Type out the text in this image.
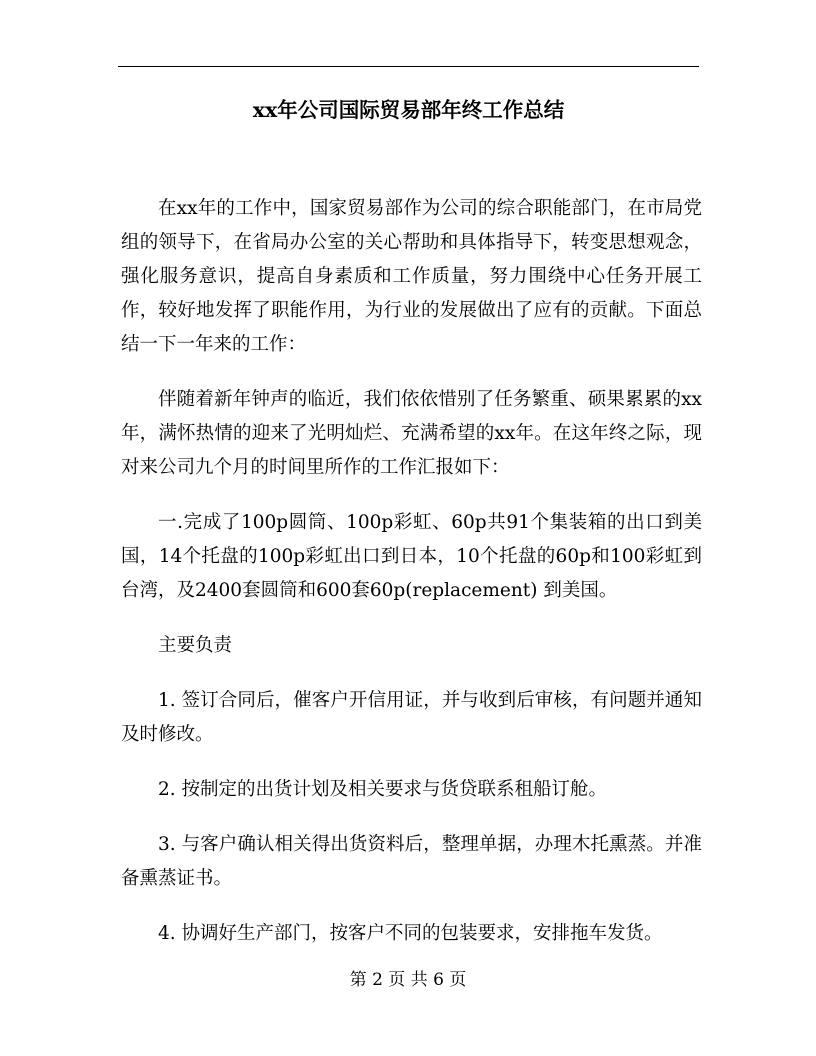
xx年公司国际贸易部年终工作总结

在xx年的工作中，国家贸易部作为公司的综合职能部门，在市局党组的领导下，在省局办公室的关心帮助和具体指导下，转变思想观念，强化服务意识，提高自身素质和工作质量，努力围绕中心任务开展工作，较好地发挥了职能作用，为行业的发展做出了应有的贡献。下面总结一下一年来的工作：

伴随着新年钟声的临近，我们依依惜别了任务繁重、硕果累累的xx年，满怀热情的迎来了光明灿烂、充满希望的xx年。在这年终之际，现对来公司九个月的时间里所作的工作汇报如下：

一.完成了100p圆筒、100p彩虹、60p共91个集装箱的出口到美国，14个托盘的100p彩虹出口到日本，10个托盘的60p和100彩虹到台湾，及2400套圆筒和600套60p(replacement) 到美国。

主要负责

1. 签订合同后，催客户开信用证，并与收到后审核，有问题并通知及时修改。

2. 按制定的出货计划及相关要求与货贷联系租船订舱。

3. 与客户确认相关得出货资料后，整理单据，办理木托熏蒸。并准备熏蒸证书。

4. 协调好生产部门，按客户不同的包装要求，安排拖车发货。

第 2 页 共 6 页
